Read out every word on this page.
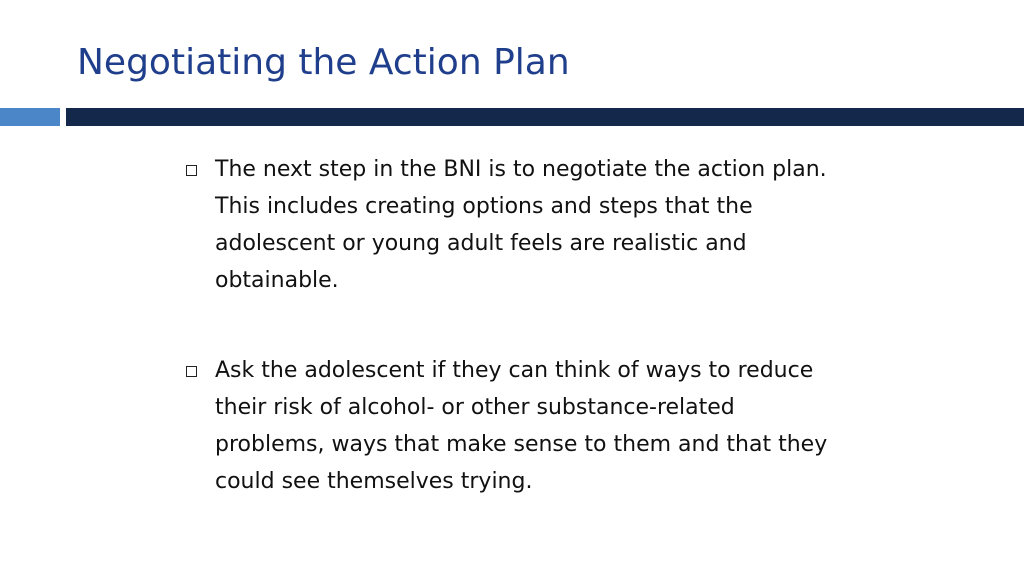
Negotiating the Action Plan
The next step in the BNI is to negotiate the action plan. This includes creating options and steps that the adolescent or young adult feels are realistic and obtainable.
Ask the adolescent if they can think of ways to reduce their risk of alcohol- or other substance-related problems, ways that make sense to them and that they could see themselves trying.
